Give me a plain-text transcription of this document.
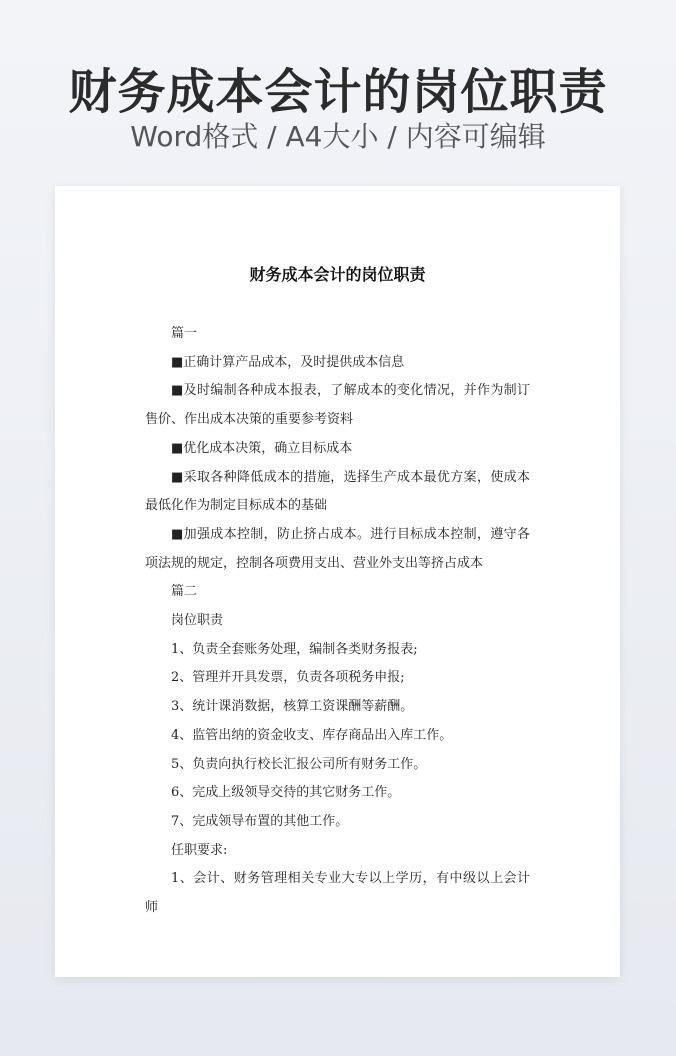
财务成本会计的岗位职责
Word格式 / A4大小 / 内容可编辑
财务成本会计的岗位职责

篇一

■正确计算产品成本，及时提供成本信息

■及时编制各种成本报表，了解成本的变化情况，并作为制订售价、作出成本决策的重要参考资料

■优化成本决策，确立目标成本

■采取各种降低成本的措施，选择生产成本最优方案，使成本最低化作为制定目标成本的基础

■加强成本控制，防止挤占成本。进行目标成本控制，遵守各项法规的规定，控制各项费用支出、营业外支出等挤占成本

篇二

岗位职责

1、负责全套账务处理，编制各类财务报表;

2、管理并开具发票，负责各项税务申报;

3、统计课消数据，核算工资课酬等薪酬。

4、监管出纳的资金收支、库存商品出入库工作。

5、负责向执行校长汇报公司所有财务工作。

6、完成上级领导交待的其它财务工作。

7、完成领导布置的其他工作。

任职要求:

1、会计、财务管理相关专业大专以上学历，有中级以上会计师
